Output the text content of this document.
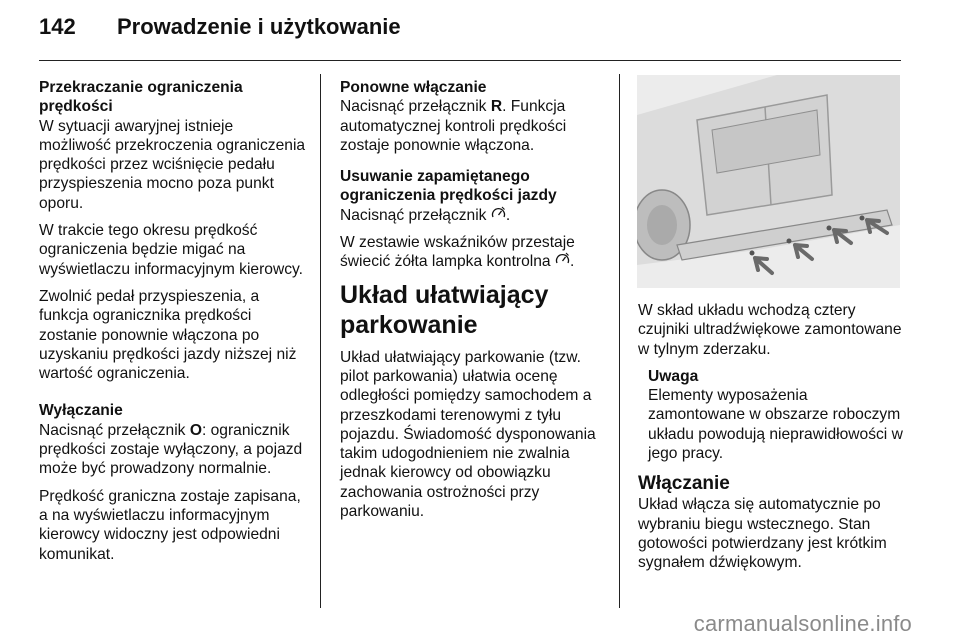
142	Prowadzenie i użytkowanie
Przekraczanie ograniczenia prędkości

W sytuacji awaryjnej istnieje możliwość przekroczenia ograniczenia prędkości przez wciśnięcie pedału przyspieszenia mocno poza punkt oporu.

W trakcie tego okresu prędkość ograniczenia będzie migać na wyświetlaczu informacyjnym kierowcy.

Zwolnić pedał przyspieszenia, a funkcja ogranicznika prędkości zostanie ponownie włączona po uzyskaniu prędkości jazdy niższej niż wartość ograniczenia.

Wyłączanie

Nacisnąć przełącznik O: ogranicznik prędkości zostaje wyłączony, a pojazd może być prowadzony normalnie.

Prędkość graniczna zostaje zapisana, a na wyświetlaczu informacyjnym kierowcy widoczny jest odpowiedni komunikat.

Ponowne włączanie

Nacisnąć przełącznik R. Funkcja automatycznej kontroli prędkości zostaje ponownie włączona.

Usuwanie zapamiętanego ograniczenia prędkości jazdy

Nacisnąć przełącznik .

W zestawie wskaźników przestaje świecić żółta lampka kontrolna .

Układ ułatwiający parkowanie

Układ ułatwiający parkowanie (tzw. pilot parkowania) ułatwia ocenę odległości pomiędzy samochodem a przeszkodami terenowymi z tyłu pojazdu. Świadomość dysponowania takim udogodnieniem nie zwalnia jednak kierowcy od obowiązku zachowania ostrożności przy parkowaniu.

W skład układu wchodzą cztery czujniki ultradźwiękowe zamontowane w tylnym zderzaku.

Uwaga
Elementy wyposażenia zamontowane w obszarze roboczym układu powodują nieprawidłowości w jego pracy.
Włączanie

Układ włącza się automatycznie po wybraniu biegu wstecznego. Stan gotowości potwierdzany jest krótkim sygnałem dźwiękowym.

carmanualsonline.info
